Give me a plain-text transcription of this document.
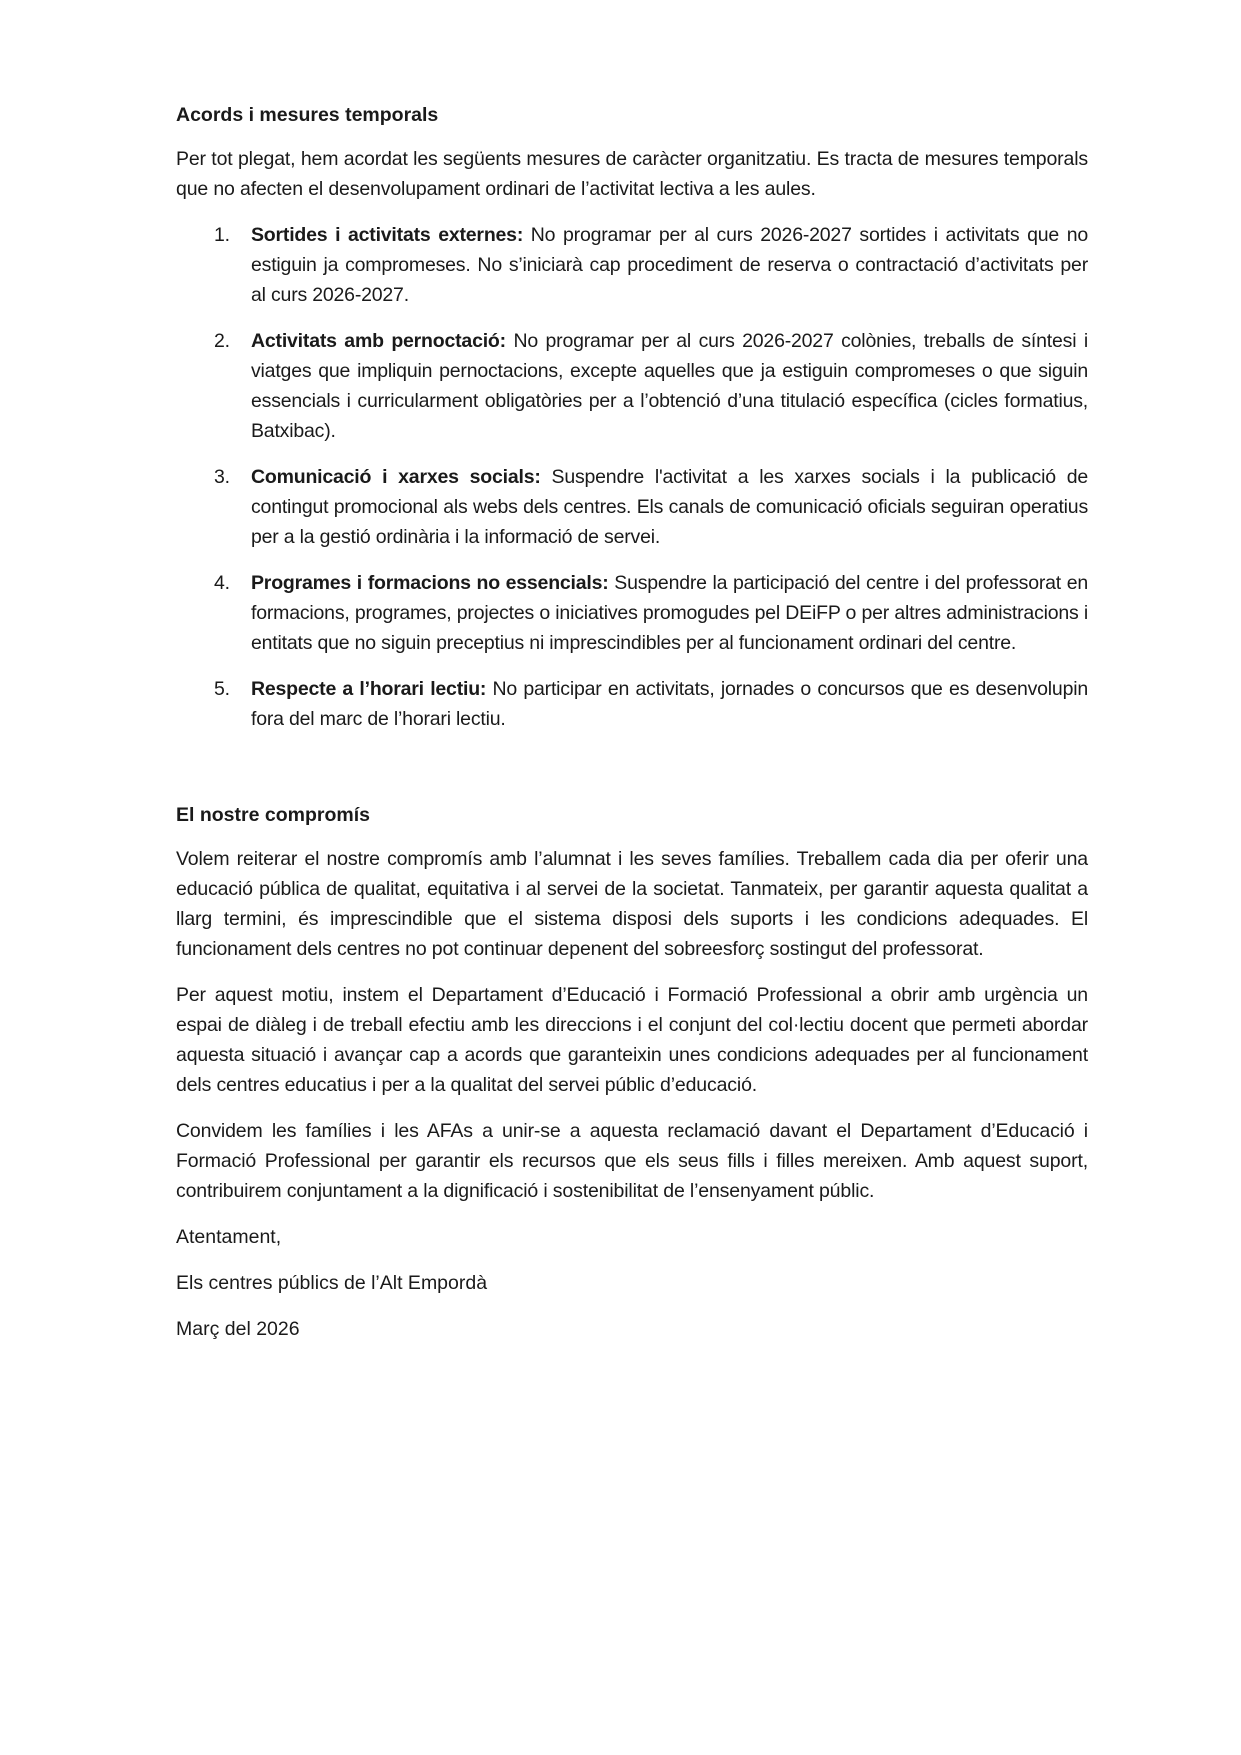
Acords i mesures temporals

Per tot plegat, hem acordat les següents mesures de caràcter organitzatiu. Es tracta de mesures temporals que no afecten el desenvolupament ordinari de l’activitat lectiva a les aules.

1. Sortides i activitats externes: No programar per al curs 2026-2027 sortides i activitats que no estiguin ja compromeses. No s’iniciarà cap procediment de reserva o contractació d’activitats per al curs 2026-2027.
2. Activitats amb pernoctació: No programar per al curs 2026-2027 colònies, treballs de síntesi i viatges que impliquin pernoctacions, excepte aquelles que ja estiguin compromeses o que siguin essencials i curricularment obligatòries per a l’obtenció d’una titulació específica (cicles formatius, Batxibac).
3. Comunicació i xarxes socials: Suspendre l'activitat a les xarxes socials i la publicació de contingut promocional als webs dels centres. Els canals de comunicació oficials seguiran operatius per a la gestió ordinària i la informació de servei.
4. Programes i formacions no essencials: Suspendre la participació del centre i del professorat en formacions, programes, projectes o iniciatives promogudes pel DEiFP o per altres administracions i entitats que no siguin preceptius ni imprescindibles per al funcionament ordinari del centre.
5. Respecte a l’horari lectiu: No participar en activitats, jornades o concursos que es desenvolupin fora del marc de l’horari lectiu.
El nostre compromís

Volem reiterar el nostre compromís amb l’alumnat i les seves famílies. Treballem cada dia per oferir una educació pública de qualitat, equitativa i al servei de la societat. Tanmateix, per garantir aquesta qualitat a llarg termini, és imprescindible que el sistema disposi dels suports i les condicions adequades. El funcionament dels centres no pot continuar depenent del sobreesforç sostingut del professorat.

Per aquest motiu, instem el Departament d’Educació i Formació Professional a obrir amb urgència un espai de diàleg i de treball efectiu amb les direccions i el conjunt del col·lectiu docent que permeti abordar aquesta situació i avançar cap a acords que garanteixin unes condicions adequades per al funcionament dels centres educatius i per a la qualitat del servei públic d’educació.

Convidem les famílies i les AFAs a unir-se a aquesta reclamació davant el Departament d’Educació i Formació Professional per garantir els recursos que els seus fills i filles mereixen. Amb aquest suport, contribuirem conjuntament a la dignificació i sostenibilitat de l’ensenyament públic.

Atentament,

Els centres públics de l’Alt Empordà

Març del 2026
